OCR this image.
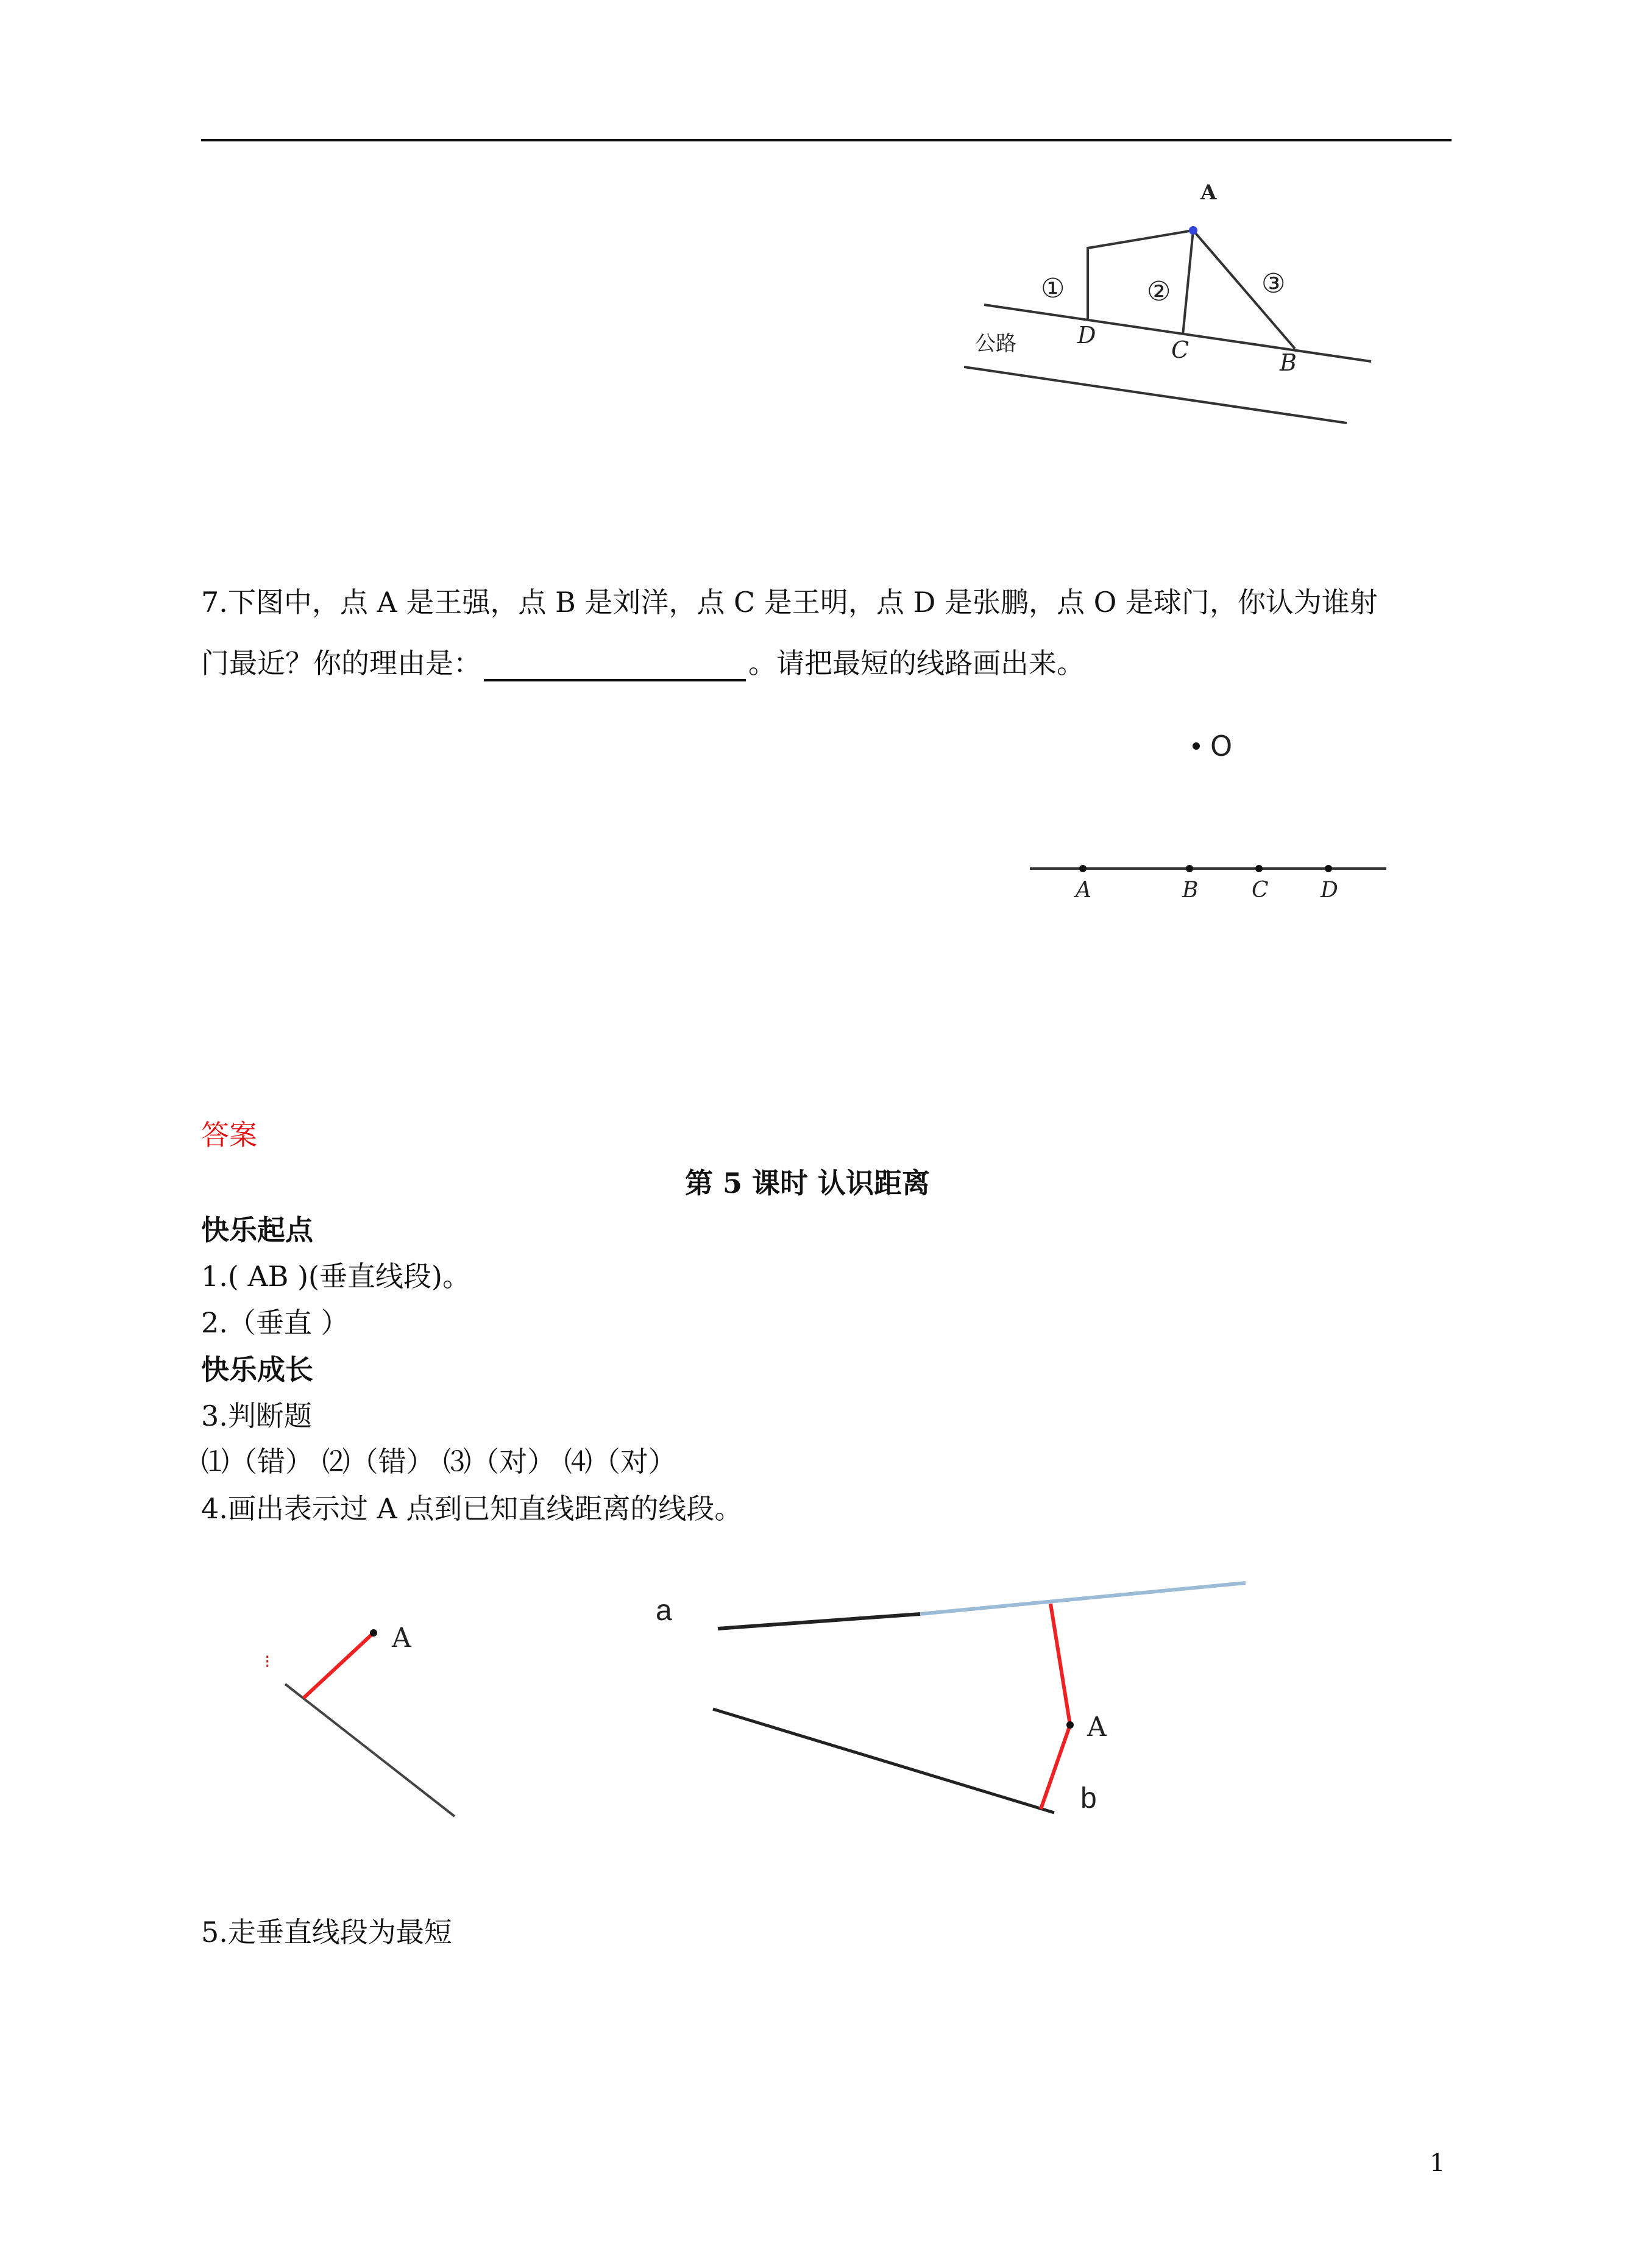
A
①	②	③
公路	D
C	B
7.下图中，点 A 是王强，点 B 是刘洋，点 C 是王明，点 D 是张鹏，点 O 是球门，你认为谁射
门最近？你的理由是：	。请把最短的线路画出来。
O
A	B C D
答案
第 5 课时 认识距离
快乐起点
1.( AB )(垂直线段)。
2.（垂直 ）
快乐成长
3.判断题
⑴（错） ⑵（错） ⑶（对） ⑷（对）
4.画出表示过 A 点到已知直线距离的线段。
A
⁝
A
a
b
5.走垂直线段为最短
1
